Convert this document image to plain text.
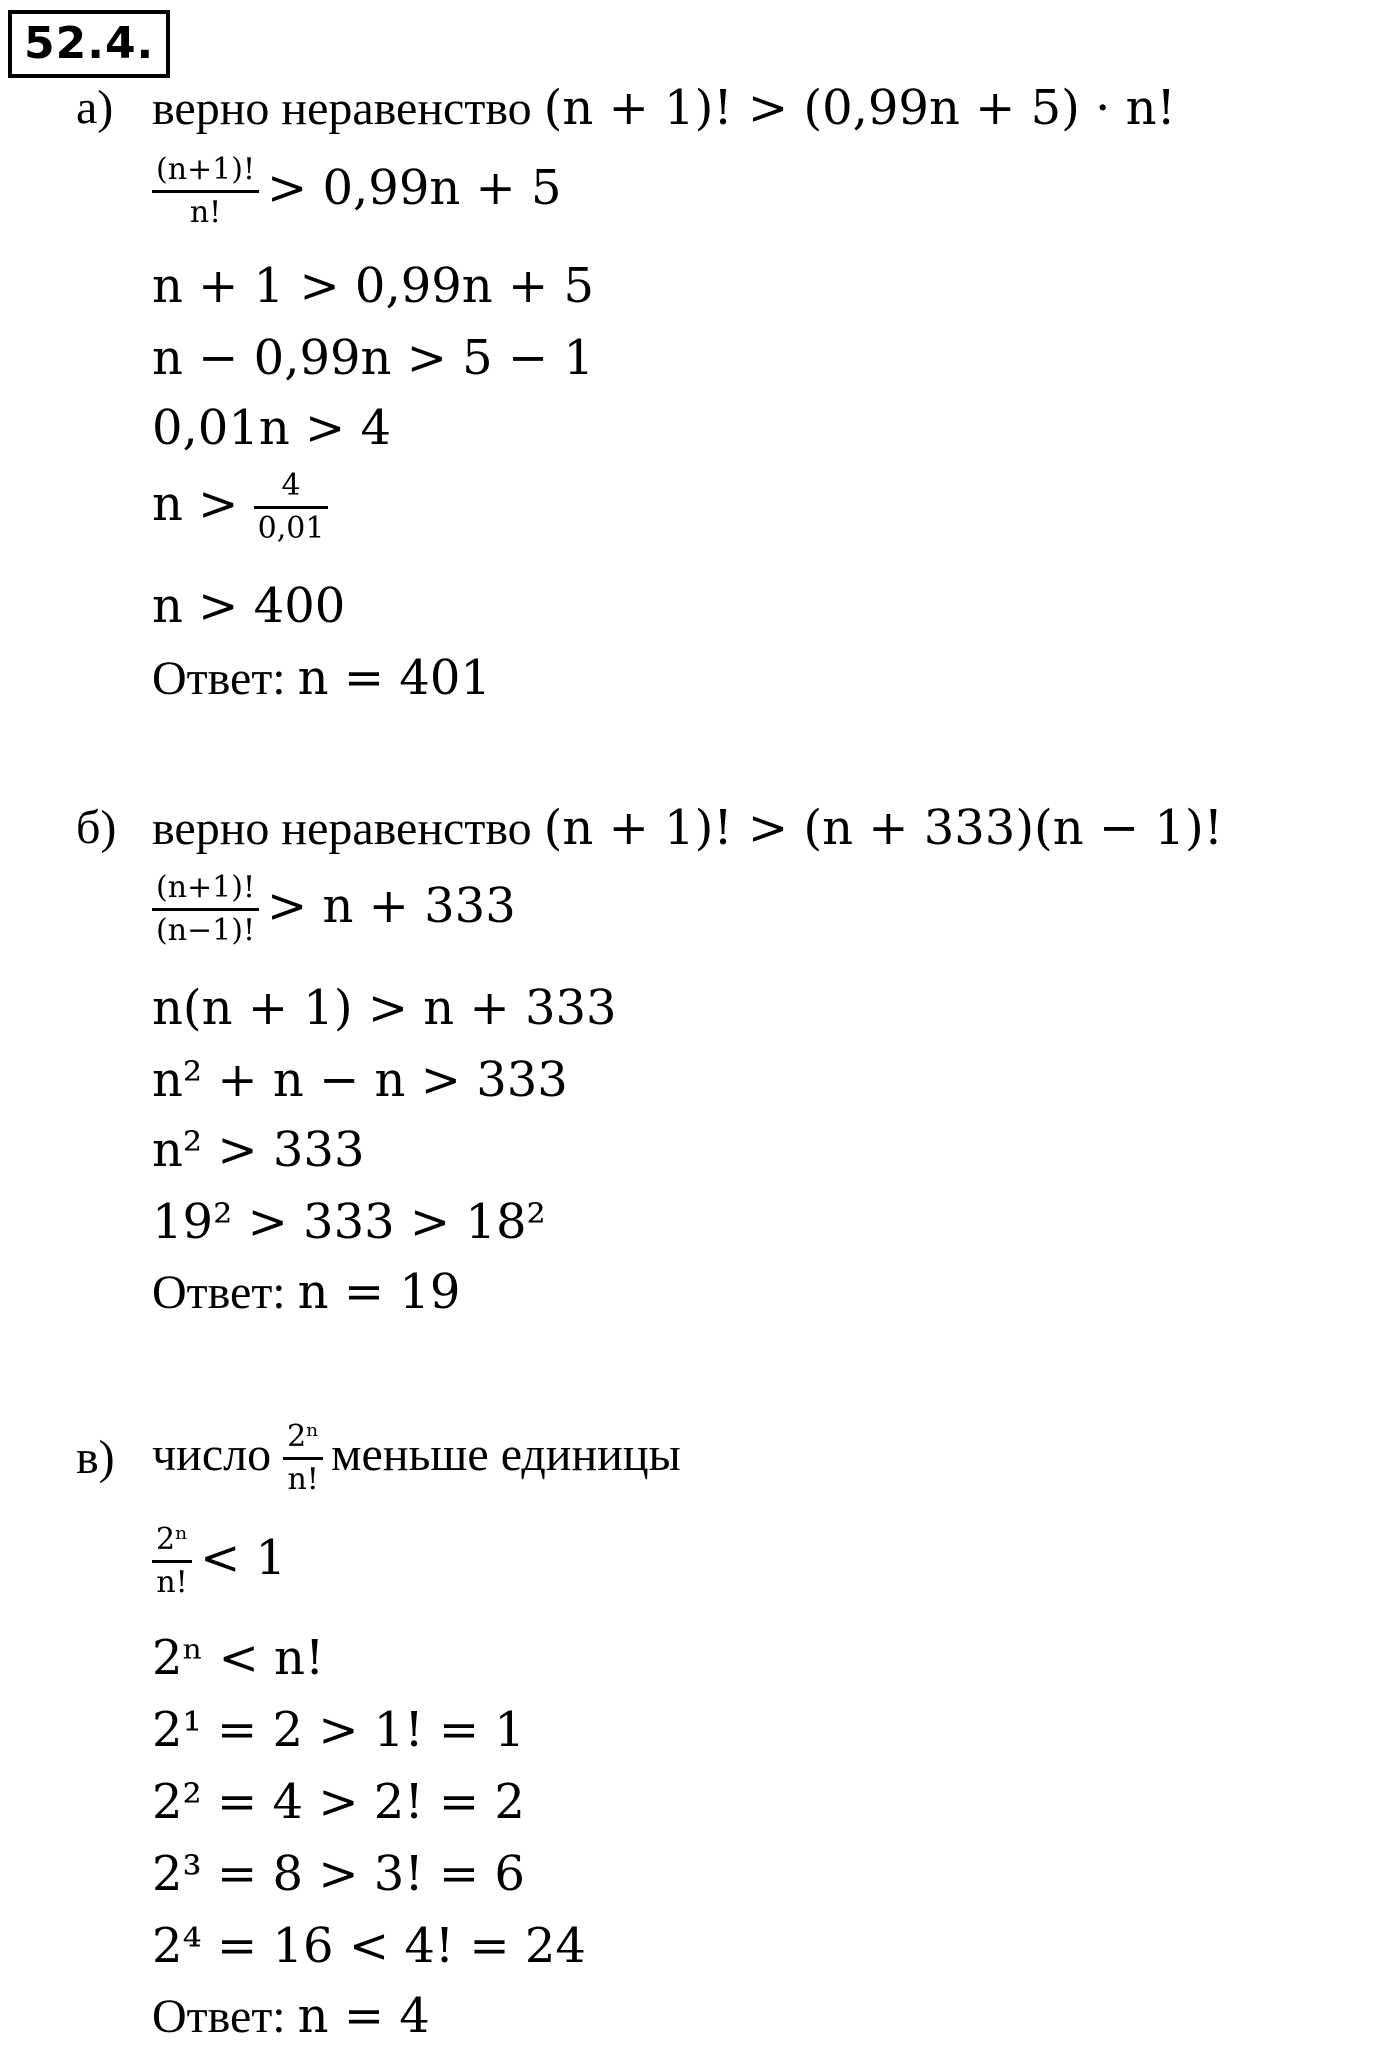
52.4.
а) верно неравенство (n + 1)! > (0,99n + 5) · n!
$\frac{(n+1)!}{n!} > 0,99n + 5$
n + 1 > 0,99n + 5
n − 0,99n > 5 − 1
0,01n > 4
$n > \frac{4}{0,01}$
n > 400
Ответ: n = 401
б) верно неравенство (n + 1)! > (n + 333)(n − 1)!
$\frac{(n+1)!}{(n-1)!} > n + 333$
n(n + 1) > n + 333
n² + n − n > 333
n² > 333
19² > 333 > 18²
Ответ: n = 19
в) число $\frac{\text{2ⁿ}}{n!}$ меньше единицы
$\frac{\text{2ⁿ}}{n!} < 1$
2ⁿ < n!
2¹ = 2 > 1! = 1
2² = 4 > 2! = 2
2³ = 8 > 3! = 6
2⁴ = 16 < 4! = 24
Ответ: n = 4
